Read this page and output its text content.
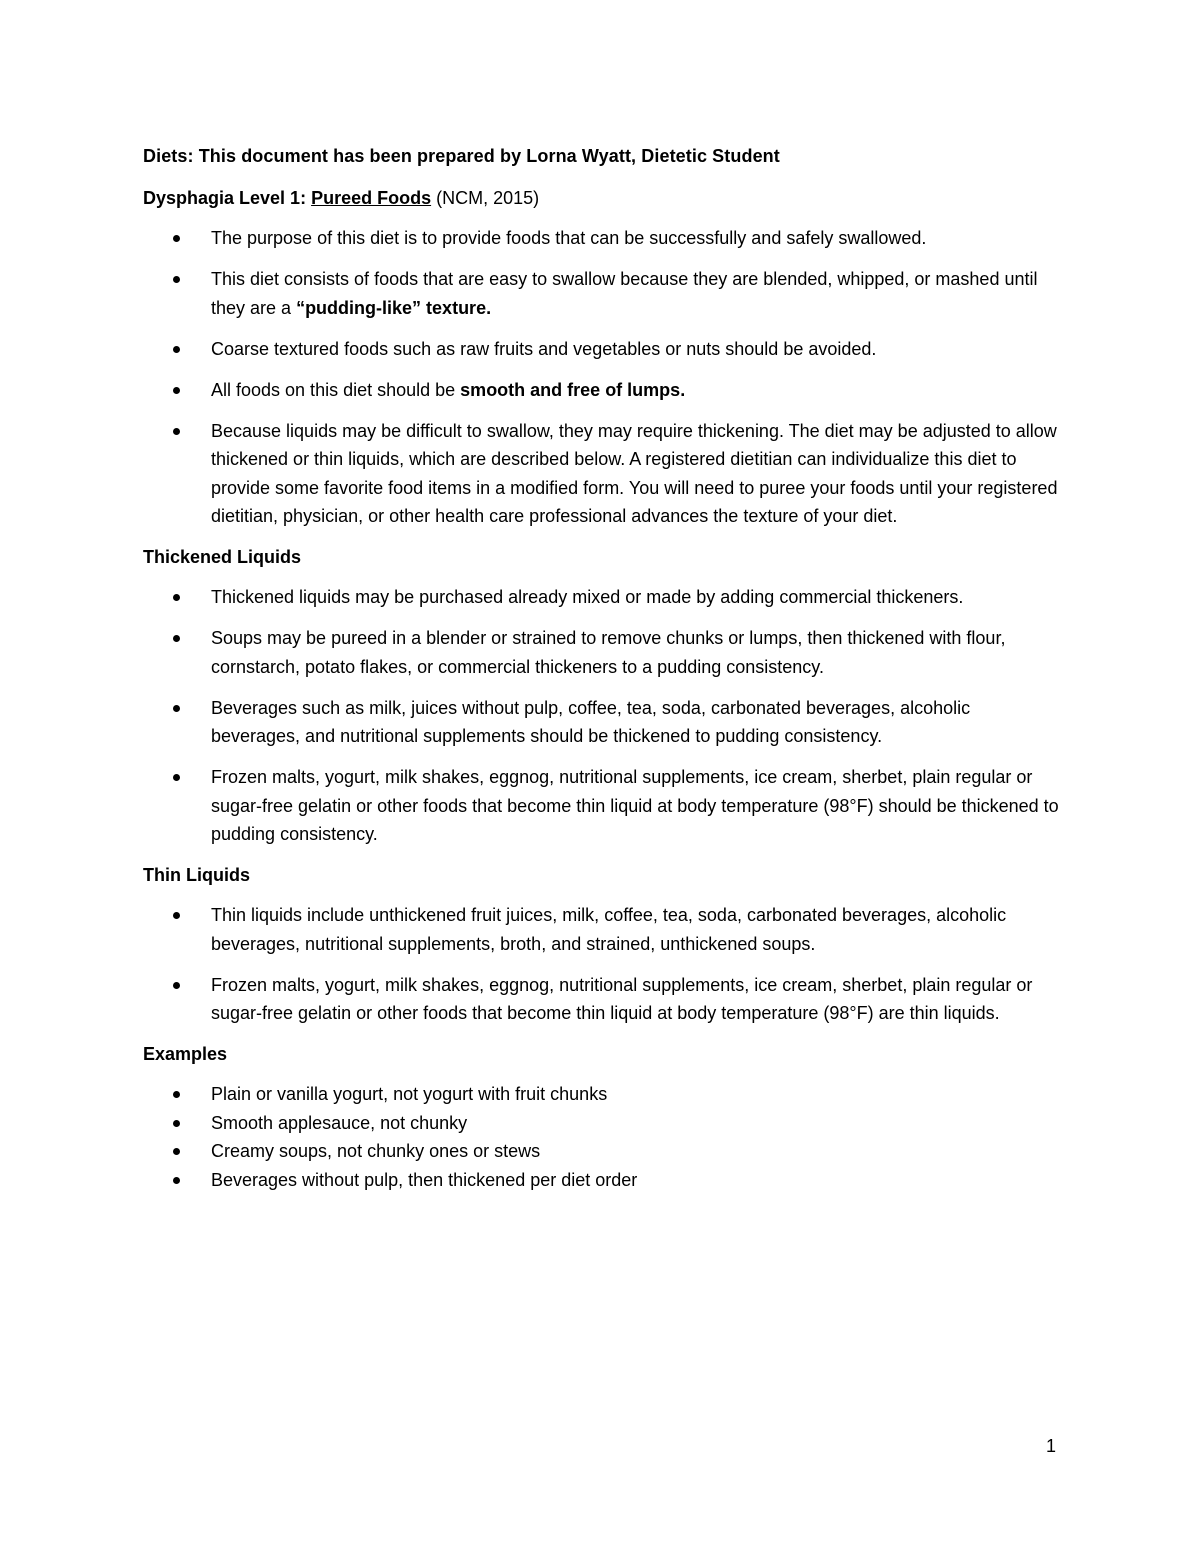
Diets: This document has been prepared by Lorna Wyatt, Dietetic Student
Dysphagia Level 1: Pureed Foods (NCM, 2015)
The purpose of this diet is to provide foods that can be successfully and safely swallowed.
This diet consists of foods that are easy to swallow because they are blended, whipped, or mashed until they are a “pudding-like” texture.
Coarse textured foods such as raw fruits and vegetables or nuts should be avoided.
All foods on this diet should be smooth and free of lumps.
Because liquids may be difficult to swallow, they may require thickening. The diet may be adjusted to allow thickened or thin liquids, which are described below. A registered dietitian can individualize this diet to provide some favorite food items in a modified form. You will need to puree your foods until your registered dietitian, physician, or other health care professional advances the texture of your diet.
Thickened Liquids
Thickened liquids may be purchased already mixed or made by adding commercial thickeners.
Soups may be pureed in a blender or strained to remove chunks or lumps, then thickened with flour, cornstarch, potato flakes, or commercial thickeners to a pudding consistency.
Beverages such as milk, juices without pulp, coffee, tea, soda, carbonated beverages, alcoholic beverages, and nutritional supplements should be thickened to pudding consistency.
Frozen malts, yogurt, milk shakes, eggnog, nutritional supplements, ice cream, sherbet, plain regular or sugar-free gelatin or other foods that become thin liquid at body temperature (98°F) should be thickened to pudding consistency.
Thin Liquids
Thin liquids include unthickened fruit juices, milk, coffee, tea, soda, carbonated beverages, alcoholic beverages, nutritional supplements, broth, and strained, unthickened soups.
Frozen malts, yogurt, milk shakes, eggnog, nutritional supplements, ice cream, sherbet, plain regular or sugar-free gelatin or other foods that become thin liquid at body temperature (98°F) are thin liquids.
Examples
Plain or vanilla yogurt, not yogurt with fruit chunks
Smooth applesauce, not chunky
Creamy soups, not chunky ones or stews
Beverages without pulp, then thickened per diet order
1
